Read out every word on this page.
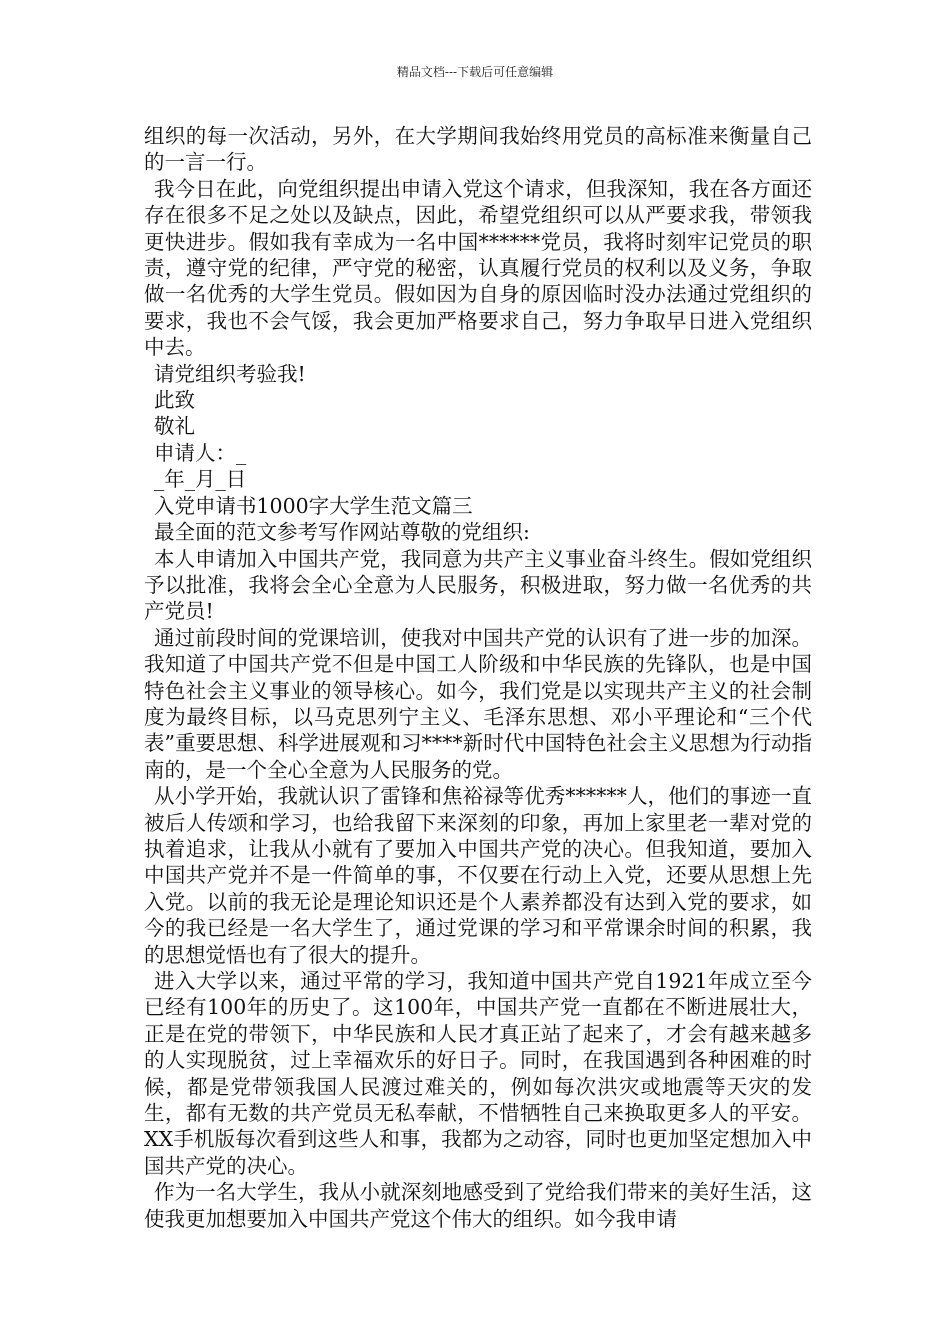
精品文档---下载后可任意编辑

组织的每一次活动，另外，在大学期间我始终用党员的高标准来衡量自己的一言一行。

我今日在此，向党组织提出申请入党这个请求，但我深知，我在各方面还存在很多不足之处以及缺点，因此，希望党组织可以从严要求我，带领我更快进步。假如我有幸成为一名中国******党员，我将时刻牢记党员的职责，遵守党的纪律，严守党的秘密，认真履行党员的权利以及义务，争取做一名优秀的大学生党员。假如因为自身的原因临时没办法通过党组织的要求，我也不会气馁，我会更加严格要求自己，努力争取早日进入党组织中去。

请党组织考验我!

此致

敬礼

申请人：_

_年_月_日

入党申请书1000字大学生范文篇三

最全面的范文参考写作网站尊敬的党组织:

本人申请加入中国共产党，我同意为共产主义事业奋斗终生。假如党组织予以批准，我将会全心全意为人民服务，积极进取，努力做一名优秀的共产党员!

通过前段时间的党课培训，使我对中国共产党的认识有了进一步的加深。我知道了中国共产党不但是中国工人阶级和中华民族的先锋队，也是中国特色社会主义事业的领导核心。如今，我们党是以实现共产主义的社会制度为最终目标，以马克思列宁主义、毛泽东思想、邓小平理论和“三个代表”重要思想、科学进展观和习****新时代中国特色社会主义思想为行动指南的，是一个全心全意为人民服务的党。

从小学开始，我就认识了雷锋和焦裕禄等优秀******人，他们的事迹一直被后人传颂和学习，也给我留下来深刻的印象，再加上家里老一辈对党的执着追求，让我从小就有了要加入中国共产党的决心。但我知道，要加入中国共产党并不是一件简单的事，不仅要在行动上入党，还要从思想上先入党。以前的我无论是理论知识还是个人素养都没有达到入党的要求，如今的我已经是一名大学生了，通过党课的学习和平常课余时间的积累，我的思想觉悟也有了很大的提升。

进入大学以来，通过平常的学习，我知道中国共产党自1921年成立至今已经有100年的历史了。这100年，中国共产党一直都在不断进展壮大，正是在党的带领下，中华民族和人民才真正站了起来了，才会有越来越多的人实现脱贫，过上幸福欢乐的好日子。同时，在我国遇到各种困难的时候，都是党带领我国人民渡过难关的，例如每次洪灾或地震等天灾的发生，都有无数的共产党员无私奉献，不惜牺牲自己来换取更多人的平安。XX手机版每次看到这些人和事，我都为之动容，同时也更加坚定想加入中国共产党的决心。

作为一名大学生，我从小就深刻地感受到了党给我们带来的美好生活，这使我更加想要加入中国共产党这个伟大的组织。如今我申请
